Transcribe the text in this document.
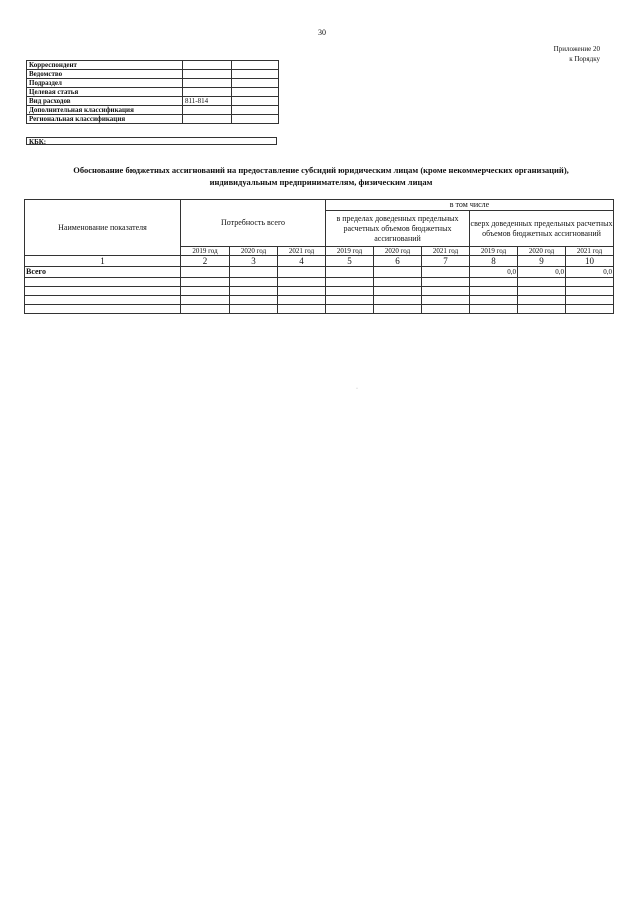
30
Приложение 20
к Порядку
Корреспондент		
Ведомство		
Подраздел		
Целевая статья		
Вид расходов	811-814	
Дополнительная классификация		
Региональная классификация		
КБК:
Обоснование бюджетных ассигнований на предоставление субсидий юридическим лицам (кроме некоммерческих организаций),
индивидуальным предпринимателям, физическим лицам
Наименование показателя	Потребность всего			в том числе					
				в пределах доведенных предельных расчетных объемов бюджетных ассигнований			сверх доведенных предельных расчетных объемов бюджетных ассигнований		
	2019 год	2020 год	2021 год	2019 год	2020 год	2021 год	2019 год	2020 год	2021 год
1	2	3	4	5	6	7	8	9	10
Всего							0,0	0,0	0,0

·
